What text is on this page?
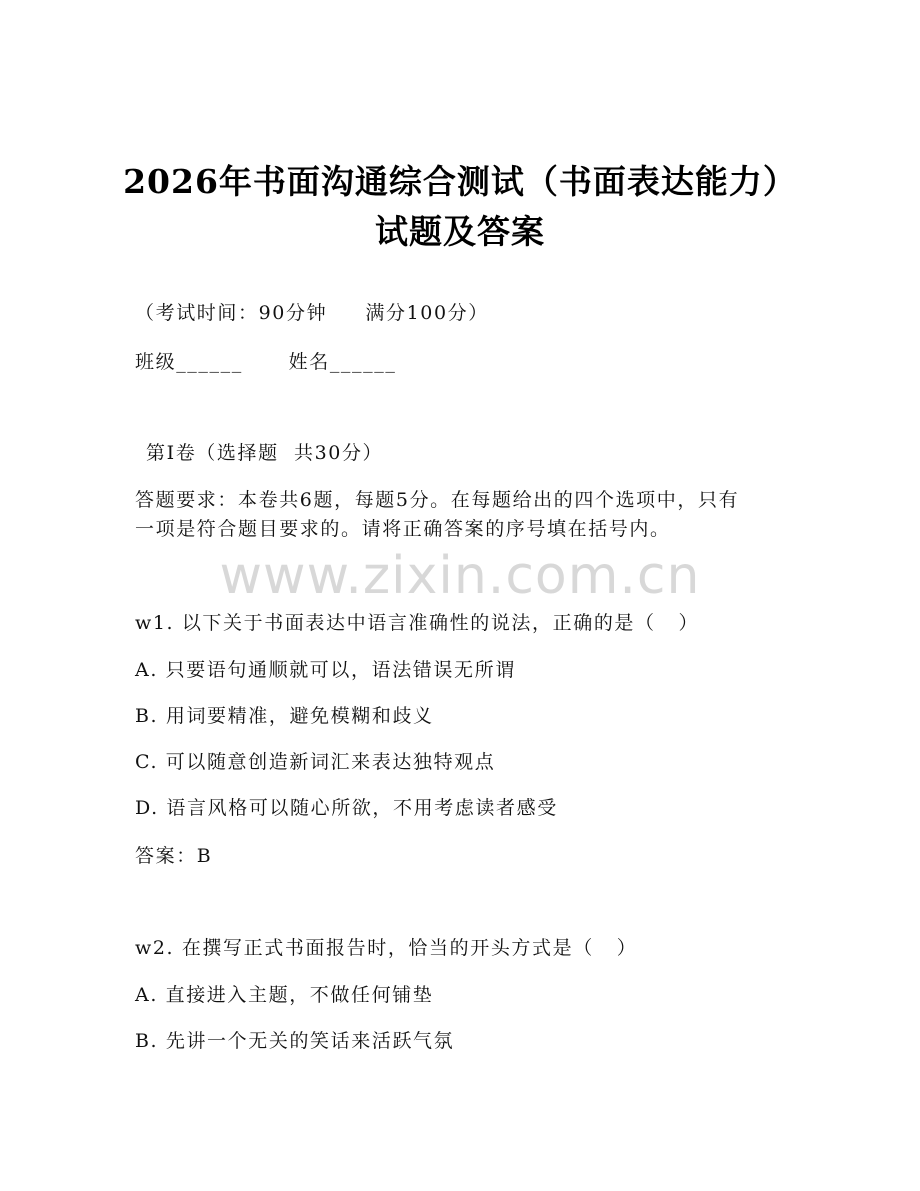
2026年书面沟通综合测试（书面表达能力）
试题及答案
（考试时间：90分钟     满分100分）
班级______      姓名______
第Ⅰ卷（选择题  共30分）
答题要求：本卷共6题，每题5分。在每题给出的四个选项中，只有
一项是符合题目要求的。请将正确答案的序号填在括号内。
www.zixin.com.cn
w1. 以下关于书面表达中语言准确性的说法，正确的是（   ）
A. 只要语句通顺就可以，语法错误无所谓
B. 用词要精准，避免模糊和歧义
C. 可以随意创造新词汇来表达独特观点
D. 语言风格可以随心所欲，不用考虑读者感受
答案：B
w2. 在撰写正式书面报告时，恰当的开头方式是（   ）
A. 直接进入主题，不做任何铺垫
B. 先讲一个无关的笑话来活跃气氛
